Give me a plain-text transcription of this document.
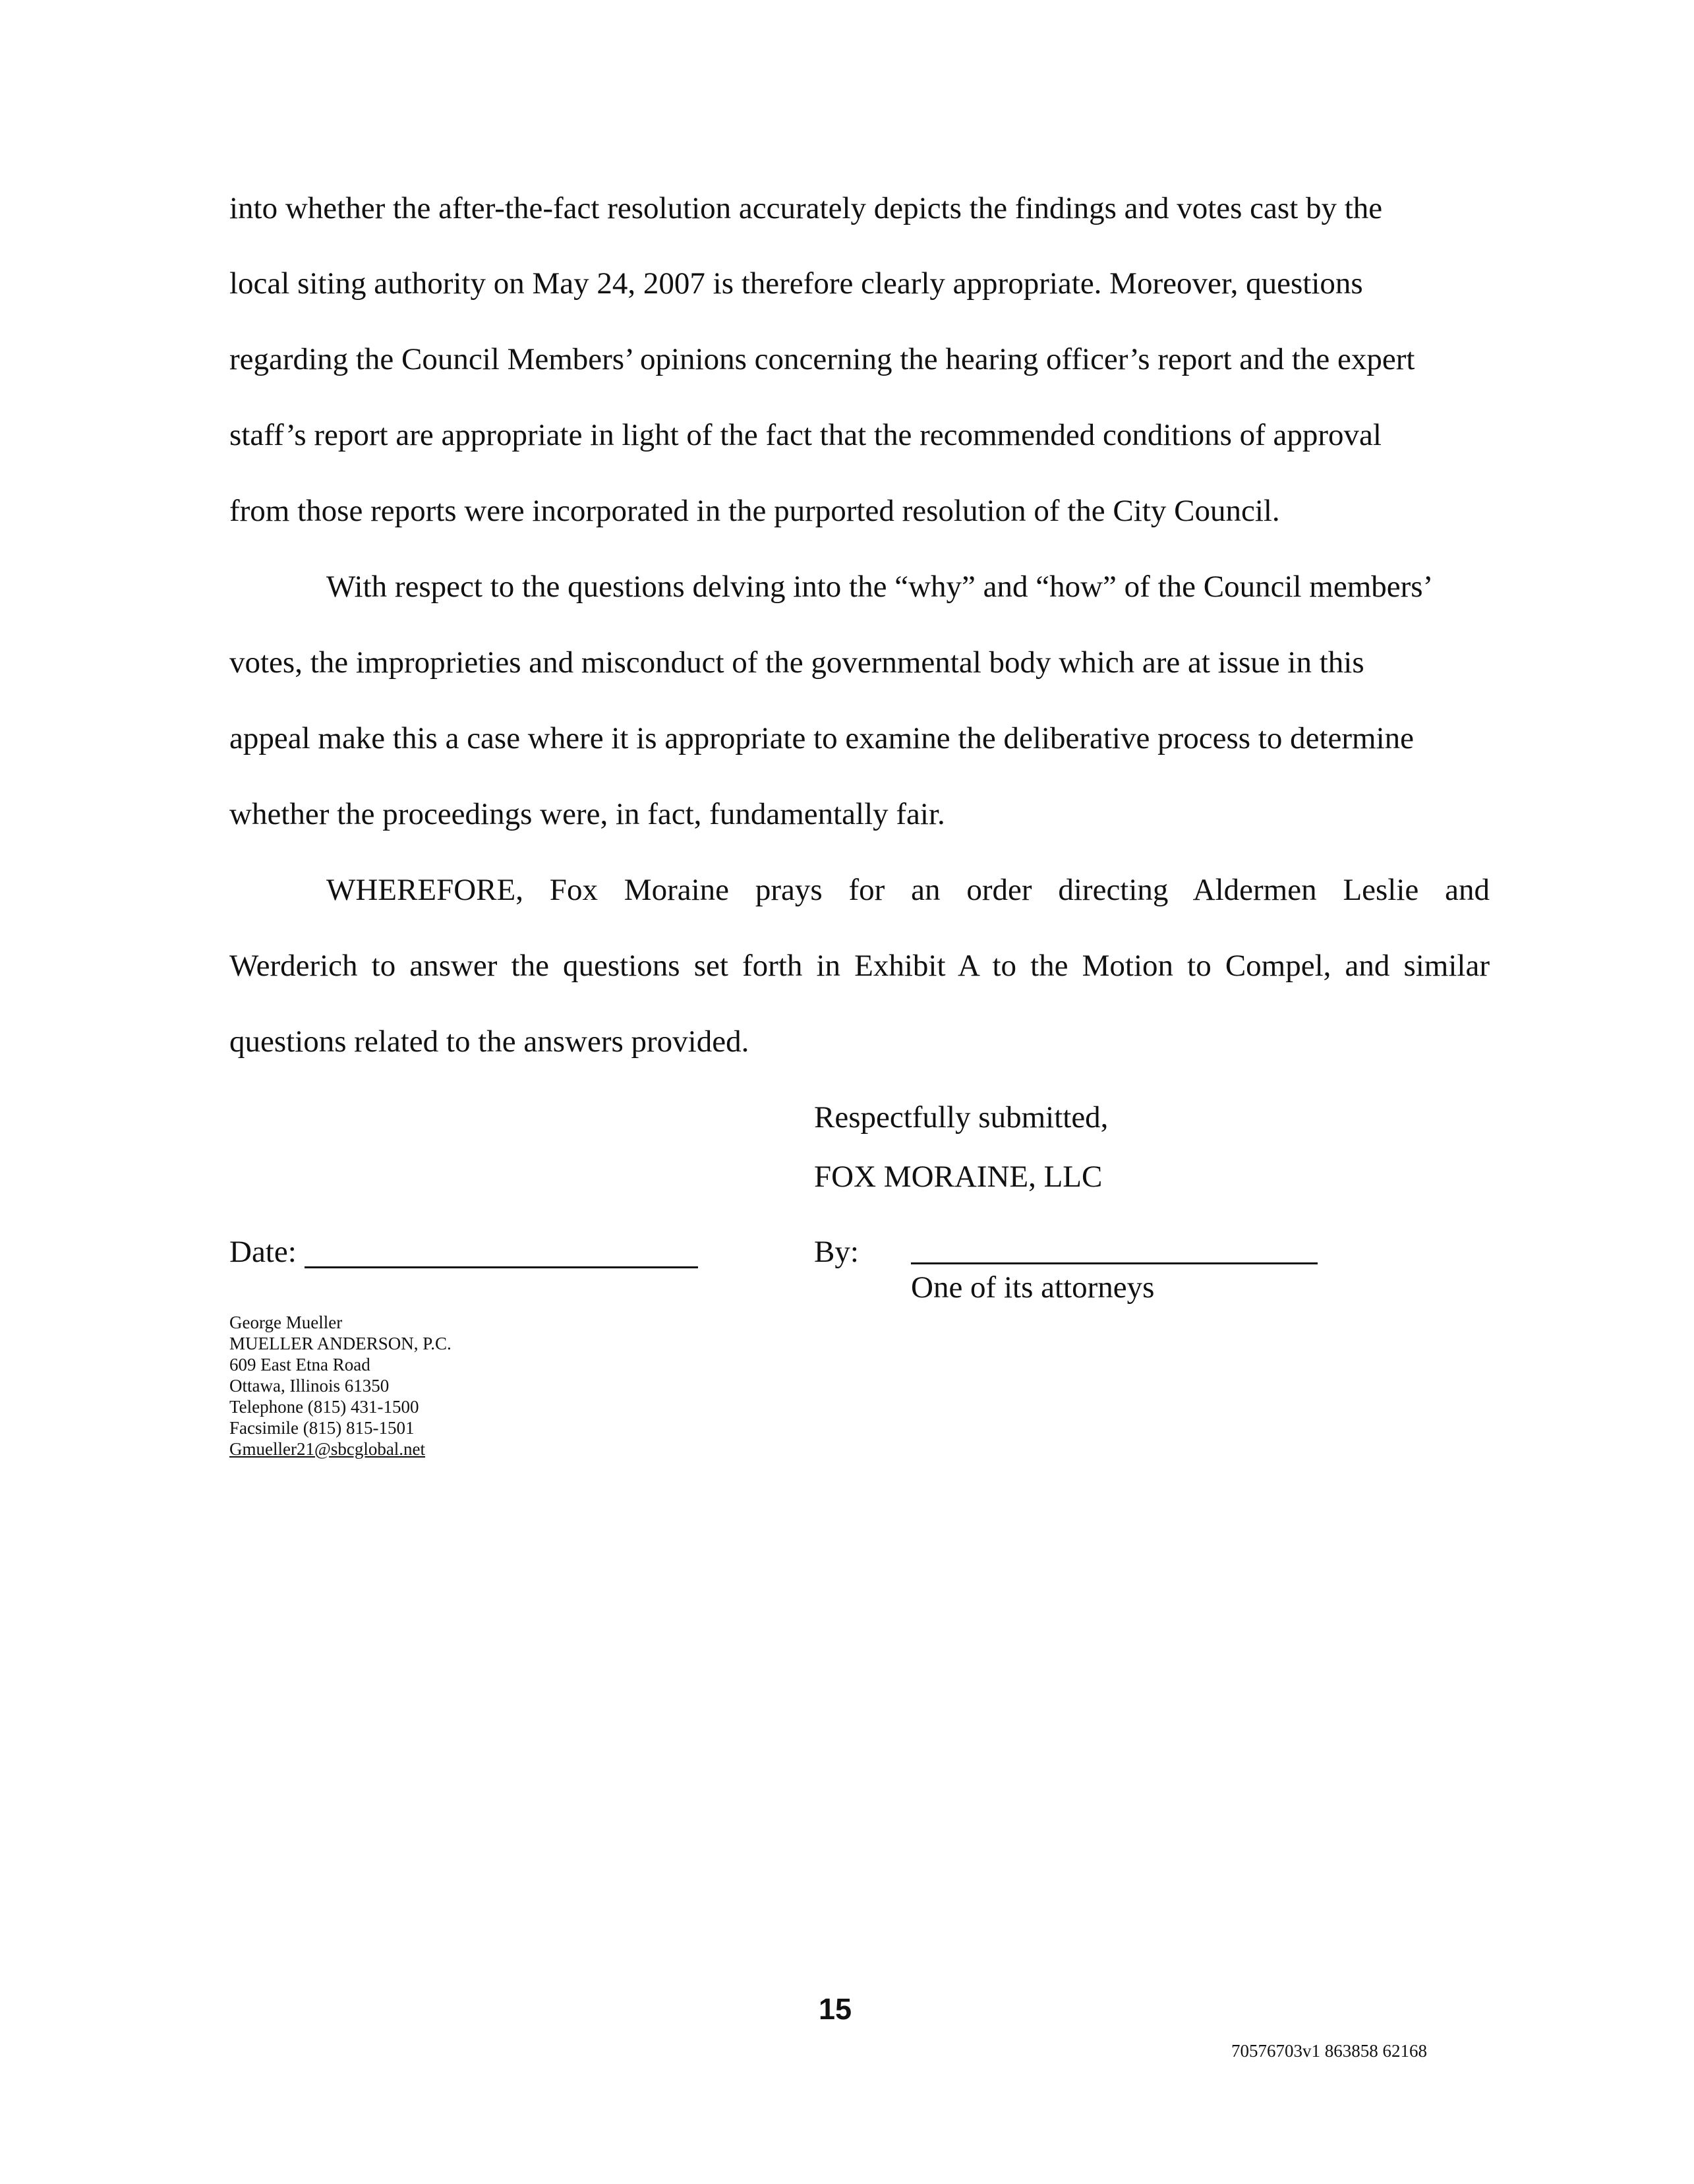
into whether the after-the-fact resolution accurately depicts the findings and votes cast by the
local siting authority on May 24, 2007 is therefore clearly appropriate. Moreover, questions
regarding the Council Members’ opinions concerning the hearing officer’s report and the expert
staff’s report are appropriate in light of the fact that the recommended conditions of approval
from those reports were incorporated in the purported resolution of the City Council.
With respect to the questions delving into the “why” and “how” of the Council members’
votes, the improprieties and misconduct of the governmental body which are at issue in this
appeal make this a case where it is appropriate to examine the deliberative process to determine
whether the proceedings were, in fact, fundamentally fair.
WHEREFORE, Fox Moraine prays for an order directing Aldermen Leslie and
Werderich to answer the questions set forth in Exhibit A to the Motion to Compel, and similar
questions related to the answers provided.
Respectfully submitted,
FOX MORAINE, LLC
Date:	By:
One of its attorneys
George Mueller
MUELLER ANDERSON, P.C.
609 East Etna Road
Ottawa, Illinois 61350
Telephone (815) 431-1500
Facsimile (815) 815-1501
Gmueller21@sbcglobal.net
15
70576703v1 863858 62168
